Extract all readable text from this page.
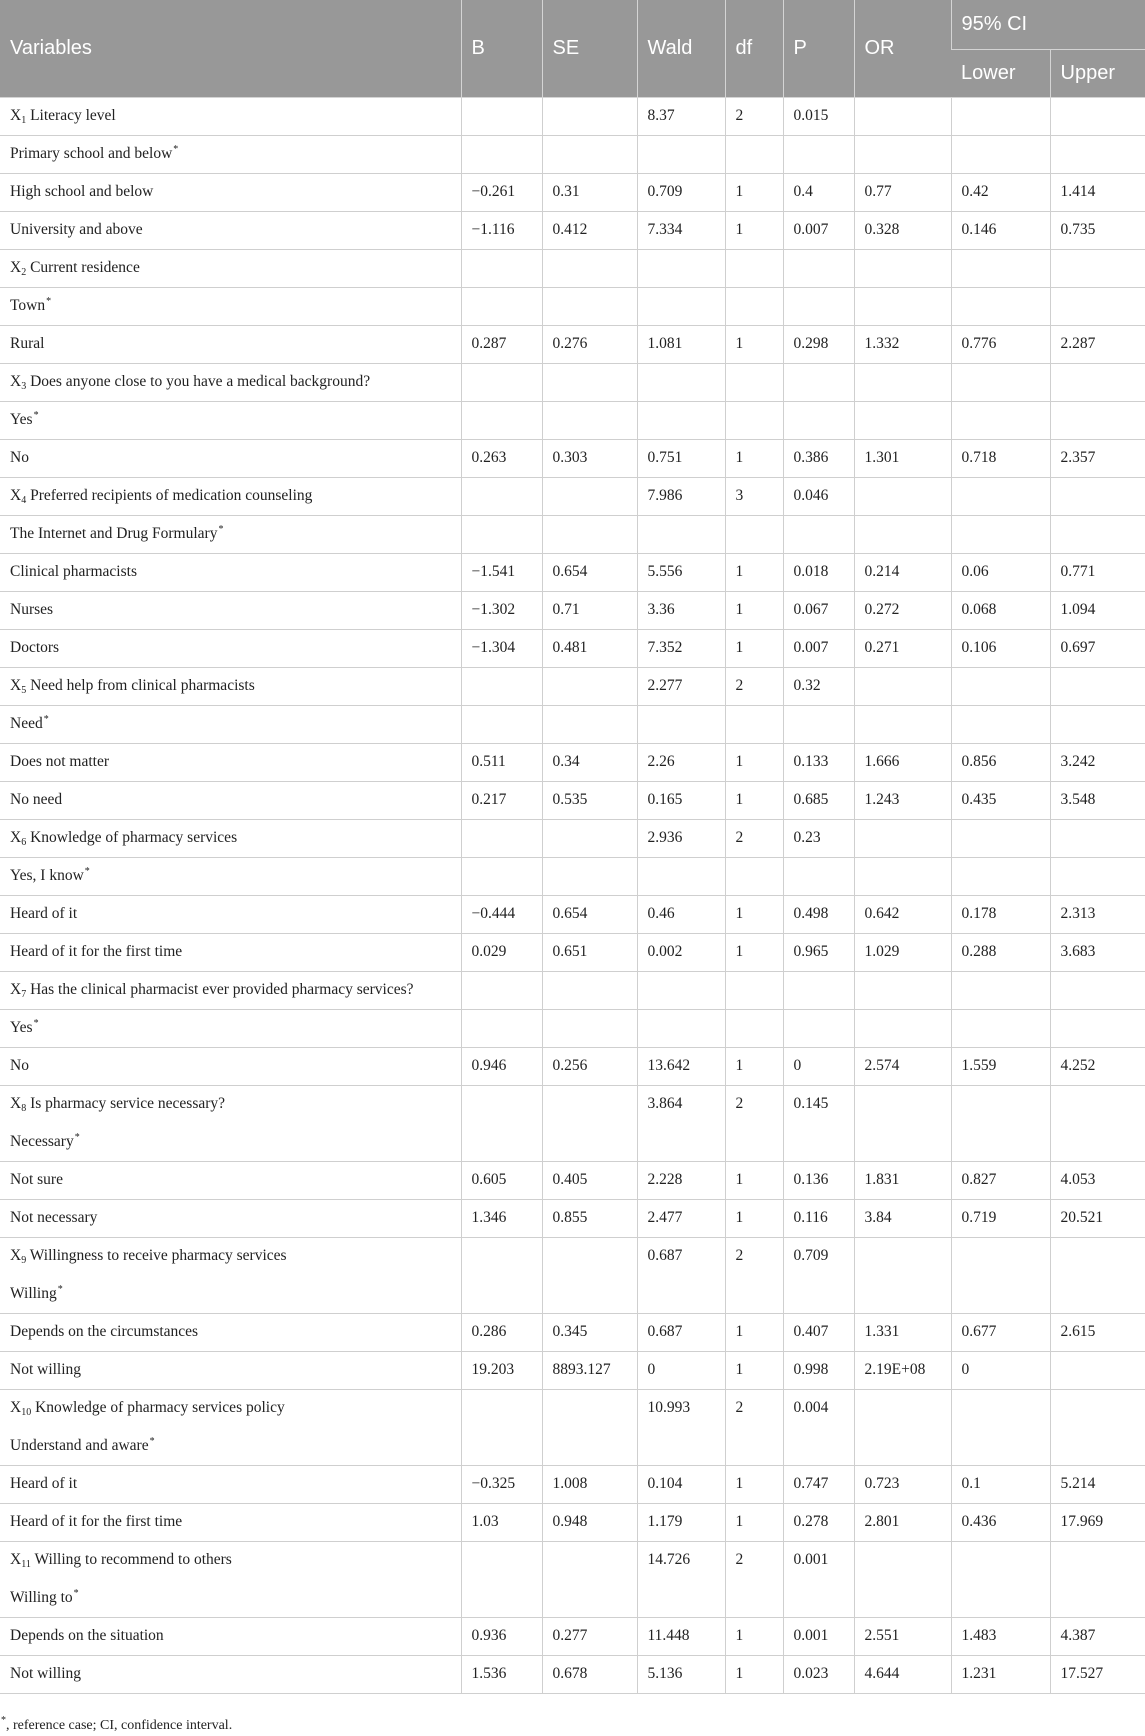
Variables	B	SE	Wald	df	P	OR	95% CI	
							Lower	Upper
$X_1$ Literacy level			8.37	2	0.015			
Primary school and below*								
High school and below	−0.261	0.31	0.709	1	0.4	0.77	0.42	1.414
University and above	−1.116	0.412	7.334	1	0.007	0.328	0.146	0.735
$X_2$ Current residence								
Town*								
Rural	0.287	0.276	1.081	1	0.298	1.332	0.776	2.287
$X_3$ Does anyone close to you have a medical background?								
Yes*								
No	0.263	0.303	0.751	1	0.386	1.301	0.718	2.357
$X_4$ Preferred recipients of medication counseling			7.986	3	0.046			
The Internet and Drug Formulary*								
Clinical pharmacists	−1.541	0.654	5.556	1	0.018	0.214	0.06	0.771
Nurses	−1.302	0.71	3.36	1	0.067	0.272	0.068	1.094
Doctors	−1.304	0.481	7.352	1	0.007	0.271	0.106	0.697
$X_5$ Need help from clinical pharmacists			2.277	2	0.32			
Need*								
Does not matter	0.511	0.34	2.26	1	0.133	1.666	0.856	3.242
No need	0.217	0.535	0.165	1	0.685	1.243	0.435	3.548
$X_6$ Knowledge of pharmacy services			2.936	2	0.23			
Yes, I know*								
Heard of it	−0.444	0.654	0.46	1	0.498	0.642	0.178	2.313
Heard of it for the first time	0.029	0.651	0.002	1	0.965	1.029	0.288	3.683
$X_7$ Has the clinical pharmacist ever provided pharmacy services?								
Yes*								
No	0.946	0.256	13.642	1	0	2.574	1.559	4.252
$X_8$ Is pharmacy service necessary?			3.864	2	0.145			
Necessary*								
Not sure	0.605	0.405	2.228	1	0.136	1.831	0.827	4.053
Not necessary	1.346	0.855	2.477	1	0.116	3.84	0.719	20.521
$X_9$ Willingness to receive pharmacy services			0.687	2	0.709			
Willing*								
Depends on the circumstances	0.286	0.345	0.687	1	0.407	1.331	0.677	2.615
Not willing	19.203	8893.127	0	1	0.998	2.19E+08	0	
$X_{10}$ Knowledge of pharmacy services policy			10.993	2	0.004			
Understand and aware*								
Heard of it	−0.325	1.008	0.104	1	0.747	0.723	0.1	5.214
Heard of it for the first time	1.03	0.948	1.179	1	0.278	2.801	0.436	17.969
$X_{11}$ Willing to recommend to others			14.726	2	0.001			
Willing to*								
Depends on the situation	0.936	0.277	11.448	1	0.001	2.551	1.483	4.387
Not willing	1.536	0.678	5.136	1	0.023	4.644	1.231	17.527
*, reference case; CI, confidence interval.
